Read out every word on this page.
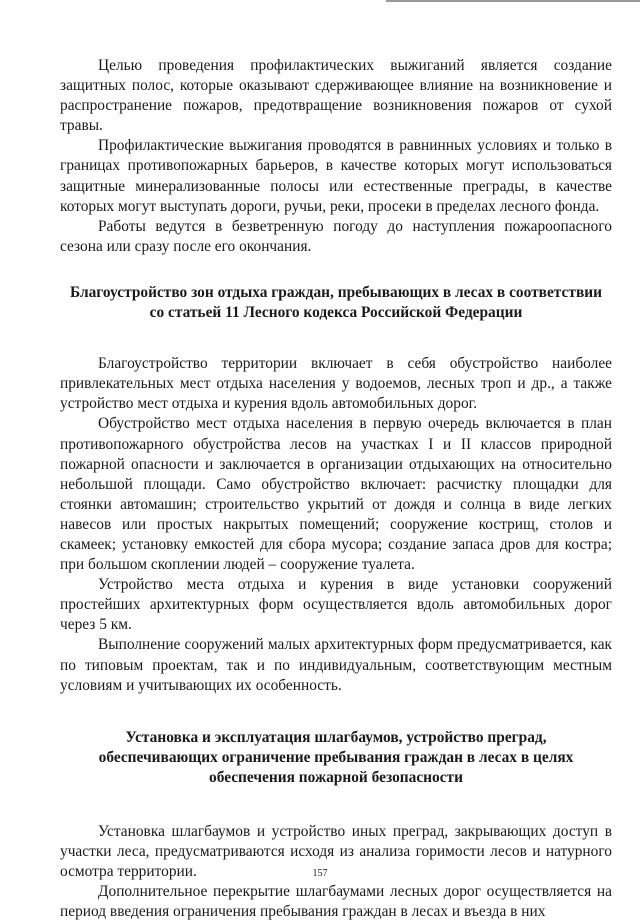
Целью проведения профилактических выжиганий является создание защитных полос, которые оказывают сдерживающее влияние на возникновение и распространение пожаров, предотвращение возникновения пожаров от сухой травы.

Профилактические выжигания проводятся в равнинных условиях и только в границах противопожарных барьеров, в качестве которых могут использоваться защитные минерализованные полосы или естественные преграды, в качестве которых могут выступать дороги, ручьи, реки, просеки в пределах лесного фонда.

Работы ведутся в безветренную погоду до наступления пожароопасного сезона или сразу после его окончания.

Благоустройство зон отдыха граждан, пребывающих в лесах в соответствии со статьей 11 Лесного кодекса Российской Федерации

Благоустройство территории включает в себя обустройство наиболее привлекательных мест отдыха населения у водоемов, лесных троп и др., а также устройство мест отдыха и курения вдоль автомобильных дорог.

Обустройство мест отдыха населения в первую очередь включается в план противопожарного обустройства лесов на участках I и II классов природной пожарной опасности и заключается в организации отдыхающих на относительно небольшой площади. Само обустройство включает: расчистку площадки для стоянки автомашин; строительство укрытий от дождя и солнца в виде легких навесов или простых накрытых помещений; сооружение кострищ, столов и скамеек; установку емкостей для сбора мусора; создание запаса дров для костра; при большом скоплении людей – сооружение туалета.

Устройство места отдыха и курения в виде установки сооружений простейших архитектурных форм осуществляется вдоль автомобильных дорог через 5 км.

Выполнение сооружений малых архитектурных форм предусматривается, как по типовым проектам, так и по индивидуальным, соответствующим местным условиям и учитывающих их особенность.

Установка и эксплуатация шлагбаумов, устройство преград, обеспечивающих ограничение пребывания граждан в лесах в целях обеспечения пожарной безопасности

Установка шлагбаумов и устройство иных преград, закрывающих доступ в участки леса, предусматриваются исходя из анализа горимости лесов и натурного осмотра территории.

Дополнительное перекрытие шлагбаумами лесных дорог осуществляется на период введения ограничения пребывания граждан в лесах и въезда в них

157
